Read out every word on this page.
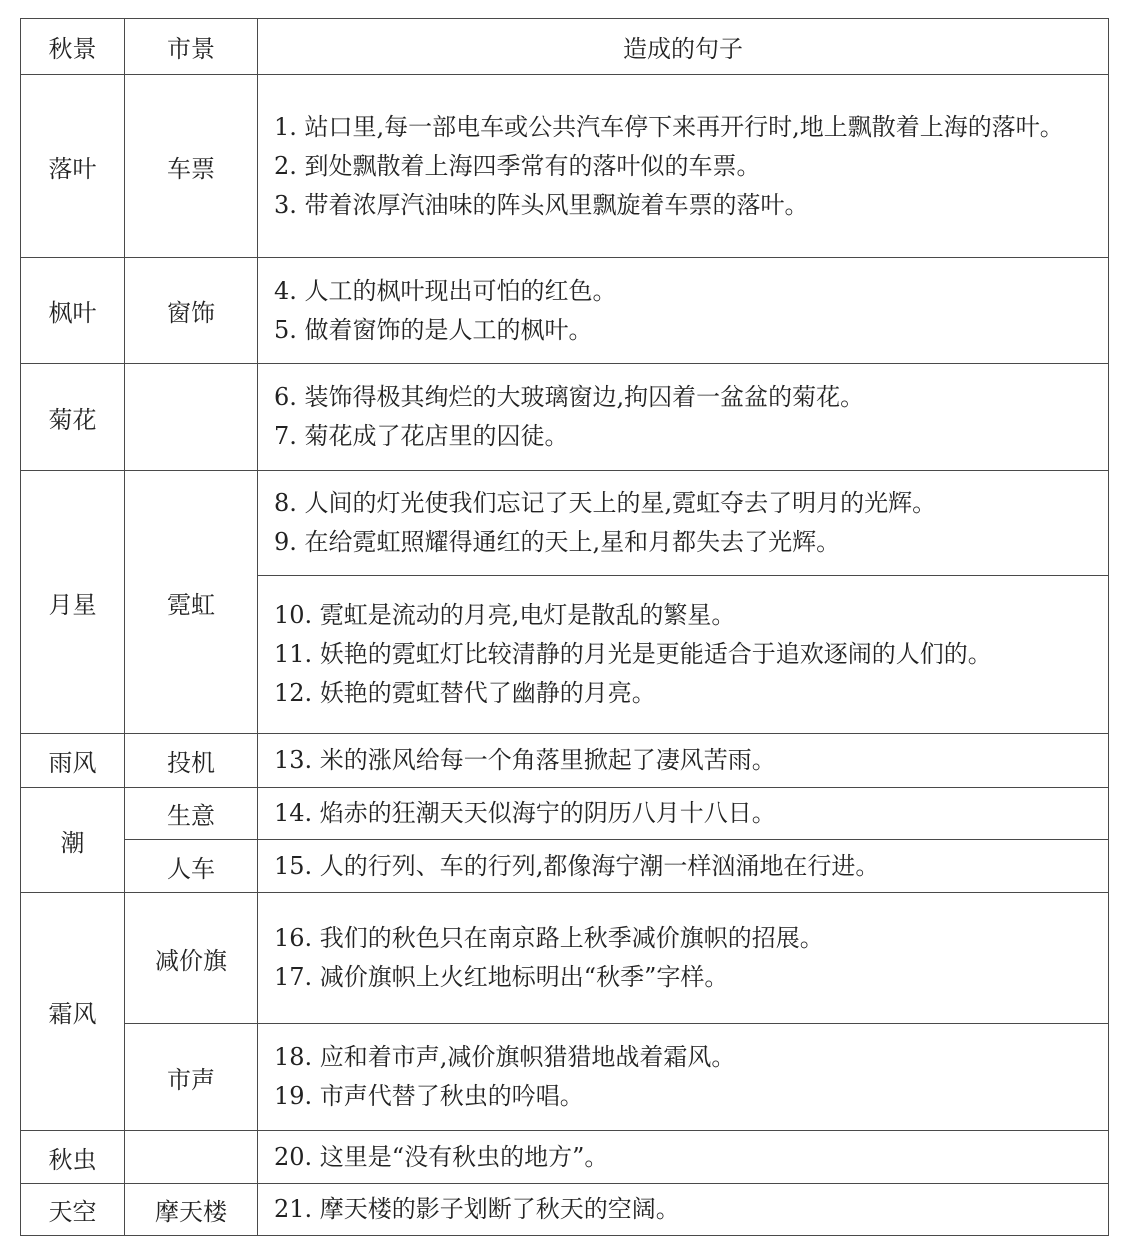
秋景	市景	造成的句子
落叶	车票	1. 站口里,每一部电车或公共汽车停下来再开行时,地上飘散着上海的落叶。
2. 到处飘散着上海四季常有的落叶似的车票。
3. 带着浓厚汽油味的阵头风里飘旋着车票的落叶。

枫叶	窗饰	4. 人工的枫叶现出可怕的红色。
5. 做着窗饰的是人工的枫叶。

菊花		6. 装饰得极其绚烂的大玻璃窗边,拘囚着一盆盆的菊花。
7. 菊花成了花店里的囚徒。

月星	霓虹	8. 人间的灯光使我们忘记了天上的星,霓虹夺去了明月的光辉。
9. 在给霓虹照耀得通红的天上,星和月都失去了光辉。

		10. 霓虹是流动的月亮,电灯是散乱的繁星。
11. 妖艳的霓虹灯比较清静的月光是更能适合于追欢逐闹的人们的。
12. 妖艳的霓虹替代了幽静的月亮。

雨风	投机	13. 米的涨风给每一个角落里掀起了凄风苦雨。

潮	生意	14. 焰赤的狂潮天天似海宁的阴历八月十八日。

	人车	15. 人的行列、车的行列,都像海宁潮一样汹涌地在行进。

霜风	减价旗	16. 我们的秋色只在南京路上秋季减价旗帜的招展。
17. 减价旗帜上火红地标明出“秋季”字样。

	市声	18. 应和着市声,减价旗帜猎猎地战着霜风。
19. 市声代替了秋虫的吟唱。

秋虫		20. 这里是“没有秋虫的地方”。

天空	摩天楼	21. 摩天楼的影子划断了秋天的空阔。
